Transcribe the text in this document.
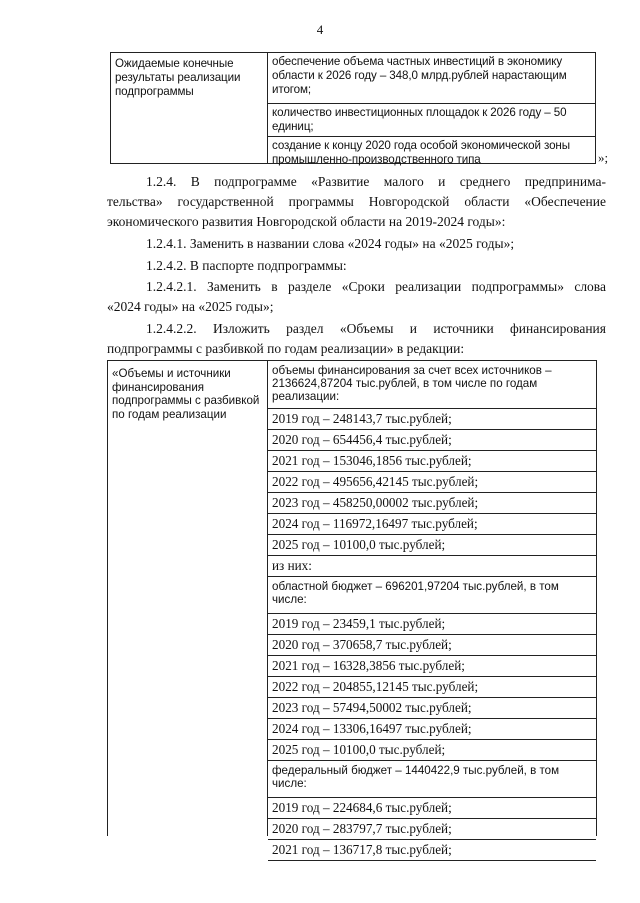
4
Ожидаемые конечные результаты реализации подпрограммы
обеспечение объема частных инвестиций в экономику области к 2026 году – 348,0 млрд.рублей нарастающим итогом;
количество инвестиционных площадок к 2026 году – 50 единиц;
создание к концу 2020 года особой экономической зоны промышленно-производственного типа	»;
1.2.4. В подпрограмме «Развитие малого и среднего предпринима-
тельства» государственной программы Новгородской области «Обеспечение
экономического развития Новгородской области на 2019-2024 годы»:
1.2.4.1. Заменить в названии слова «2024 годы» на «2025 годы»;
1.2.4.2. В паспорте подпрограммы:
1.2.4.2.1. Заменить в разделе «Сроки реализации подпрограммы» слова
«2024 годы» на «2025 годы»;
1.2.4.2.2. Изложить раздел «Объемы и источники финансирования
подпрограммы с разбивкой по годам реализации» в редакции:
«Объемы и источники финансирования подпрограммы с разбивкой по годам реализации
объемы финансирования за счет всех источников – 2136624,87204 тыс.рублей, в том числе по годам реализации:
2019 год – 248143,7 тыс.рублей;
2020 год – 654456,4 тыс.рублей;
2021 год – 153046,1856 тыс.рублей;
2022 год – 495656,42145 тыс.рублей;
2023 год – 458250,00002 тыс.рублей;
2024 год – 116972,16497 тыс.рублей;
2025 год – 10100,0 тыс.рублей;
из них:
областной бюджет – 696201,97204 тыс.рублей, в том числе:
2019 год – 23459,1 тыс.рублей;
2020 год – 370658,7 тыс.рублей;
2021 год – 16328,3856 тыс.рублей;
2022 год – 204855,12145 тыс.рублей;
2023 год – 57494,50002 тыс.рублей;
2024 год – 13306,16497 тыс.рублей;
2025 год – 10100,0 тыс.рублей;
федеральный бюджет – 1440422,9 тыс.рублей, в том числе:
2019 год – 224684,6 тыс.рублей;
2020 год – 283797,7 тыс.рублей;
2021 год – 136717,8 тыс.рублей;
